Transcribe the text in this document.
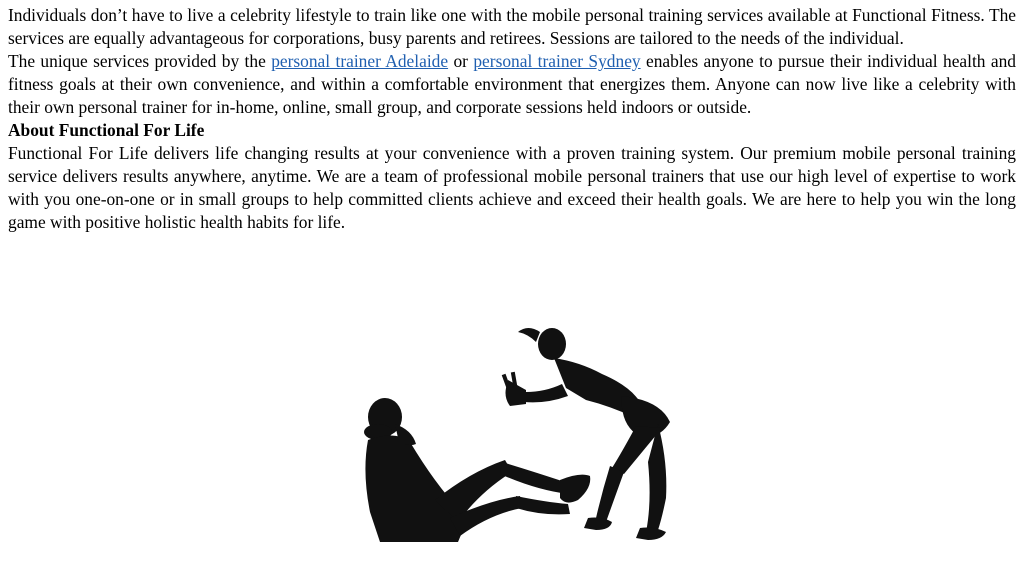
Individuals don’t have to live a celebrity lifestyle to train like one with the mobile personal training services available at Functional Fitness. The services are equally advantageous for corporations, busy parents and retirees. Sessions are tailored to the needs of the individual.

The unique services provided by the personal trainer Adelaide or personal trainer Sydney enables anyone to pursue their individual health and fitness goals at their own convenience, and within a comfortable environment that energizes them. Anyone can now live like a celebrity with their own personal trainer for in-home, online, small group, and corporate sessions held indoors or outside.

About Functional For Life

Functional For Life delivers life changing results at your convenience with a proven training system. Our premium mobile personal training service delivers results anywhere, anytime. We are a team of professional mobile personal trainers that use our high level of expertise to work with you one-on-one or in small groups to help committed clients achieve and exceed their health goals. We are here to help you win the long game with positive holistic health habits for life.
